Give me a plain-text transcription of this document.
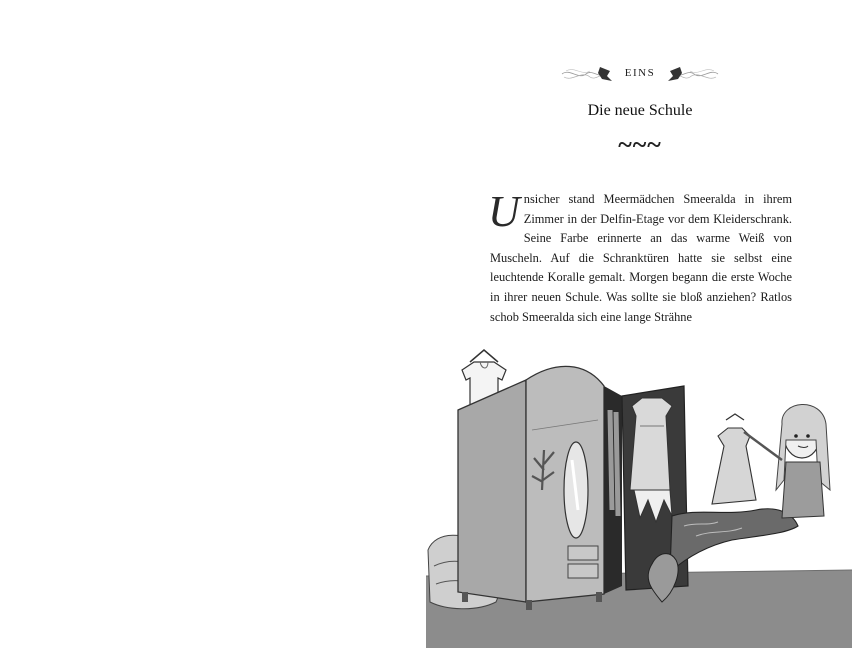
EINS
Die neue Schule
~~~

Unsicher stand Meermädchen Smeeralda in ihrem Zimmer in der Delfin-Etage vor dem Kleiderschrank. Seine Farbe erinnerte an das warme Weiß von Muscheln. Auf die Schranktüren hatte sie selbst eine leuchtende Koralle gemalt. Morgen begann die erste Woche in ihrer neuen Schule. Was sollte sie bloß anziehen? Ratlos schob Smeeralda sich eine lange Strähne
